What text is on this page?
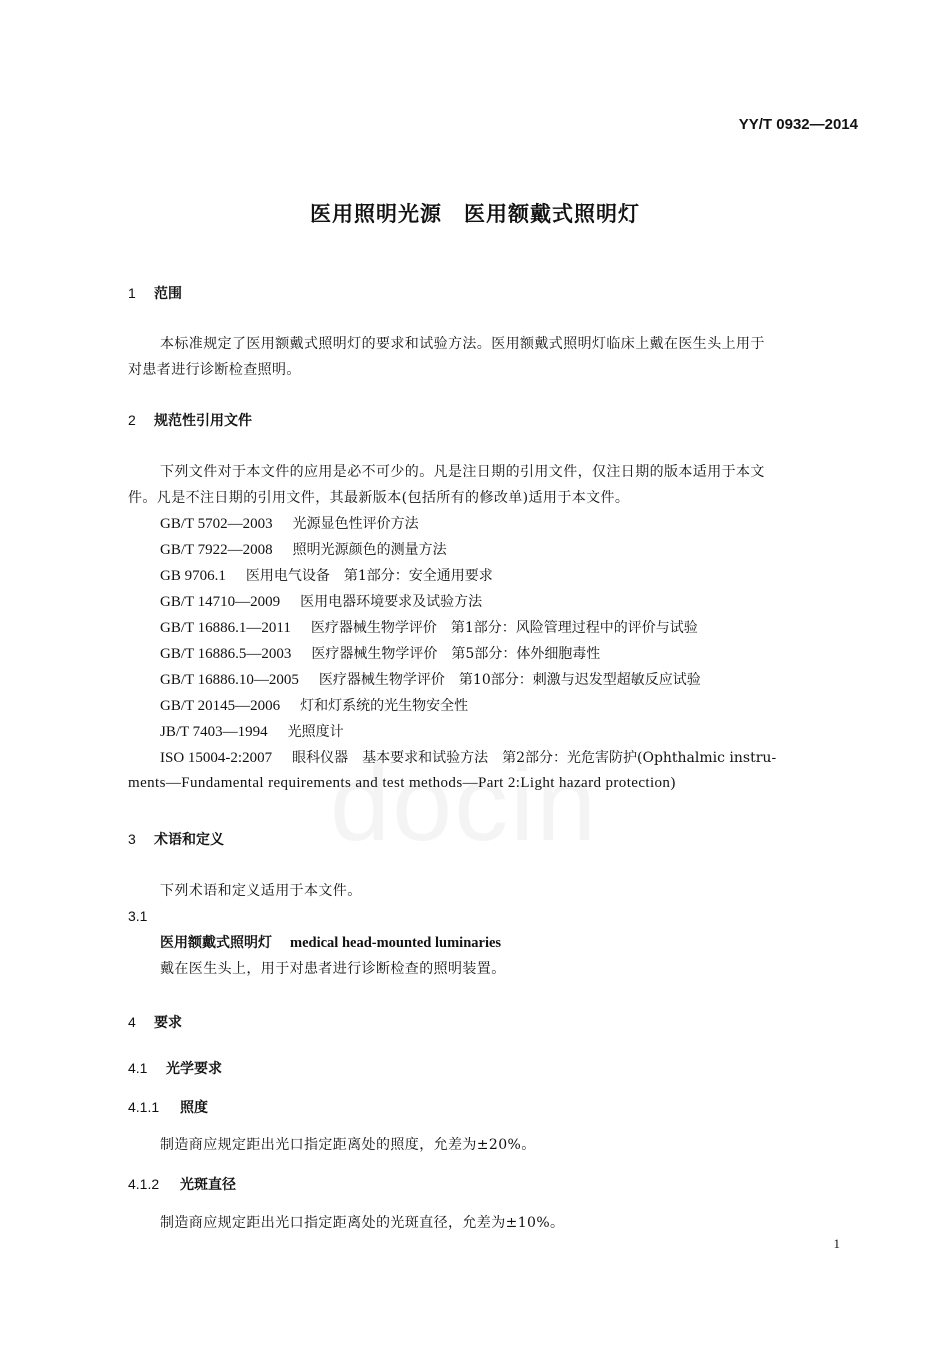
YY/T 0932—2014
医用照明光源　医用额戴式照明灯
1 范围
本标准规定了医用额戴式照明灯的要求和试验方法。医用额戴式照明灯临床上戴在医生头上用于
对患者进行诊断检查照明。
2 规范性引用文件
下列文件对于本文件的应用是必不可少的。凡是注日期的引用文件，仅注日期的版本适用于本文
件。凡是不注日期的引用文件，其最新版本(包括所有的修改单)适用于本文件。
GB/T 5702—2003 光源显色性评价方法
GB/T 7922—2008 照明光源颜色的测量方法
GB 9706.1 医用电气设备　第1部分：安全通用要求
GB/T 14710—2009 医用电器环境要求及试验方法
GB/T 16886.1—2011 医疗器械生物学评价　第1部分：风险管理过程中的评价与试验
GB/T 16886.5—2003 医疗器械生物学评价　第5部分：体外细胞毒性
GB/T 16886.10—2005 医疗器械生物学评价　第10部分：刺激与迟发型超敏反应试验
GB/T 20145—2006 灯和灯系统的光生物安全性
JB/T 7403—1994 光照度计
ISO 15004-2:2007 眼科仪器　基本要求和试验方法　第2部分：光危害防护(Ophthalmic instru-
ments—Fundamental requirements and test methods—Part 2:Light hazard protection)
3 术语和定义
下列术语和定义适用于本文件。
3.1
医用额戴式照明灯 medical head-mounted luminaries
戴在医生头上，用于对患者进行诊断检查的照明装置。
4 要求
4.1 光学要求
4.1.1 照度
制造商应规定距出光口指定距离处的照度，允差为±20%。
4.1.2 光斑直径
制造商应规定距出光口指定距离处的光斑直径，允差为±10%。
1
